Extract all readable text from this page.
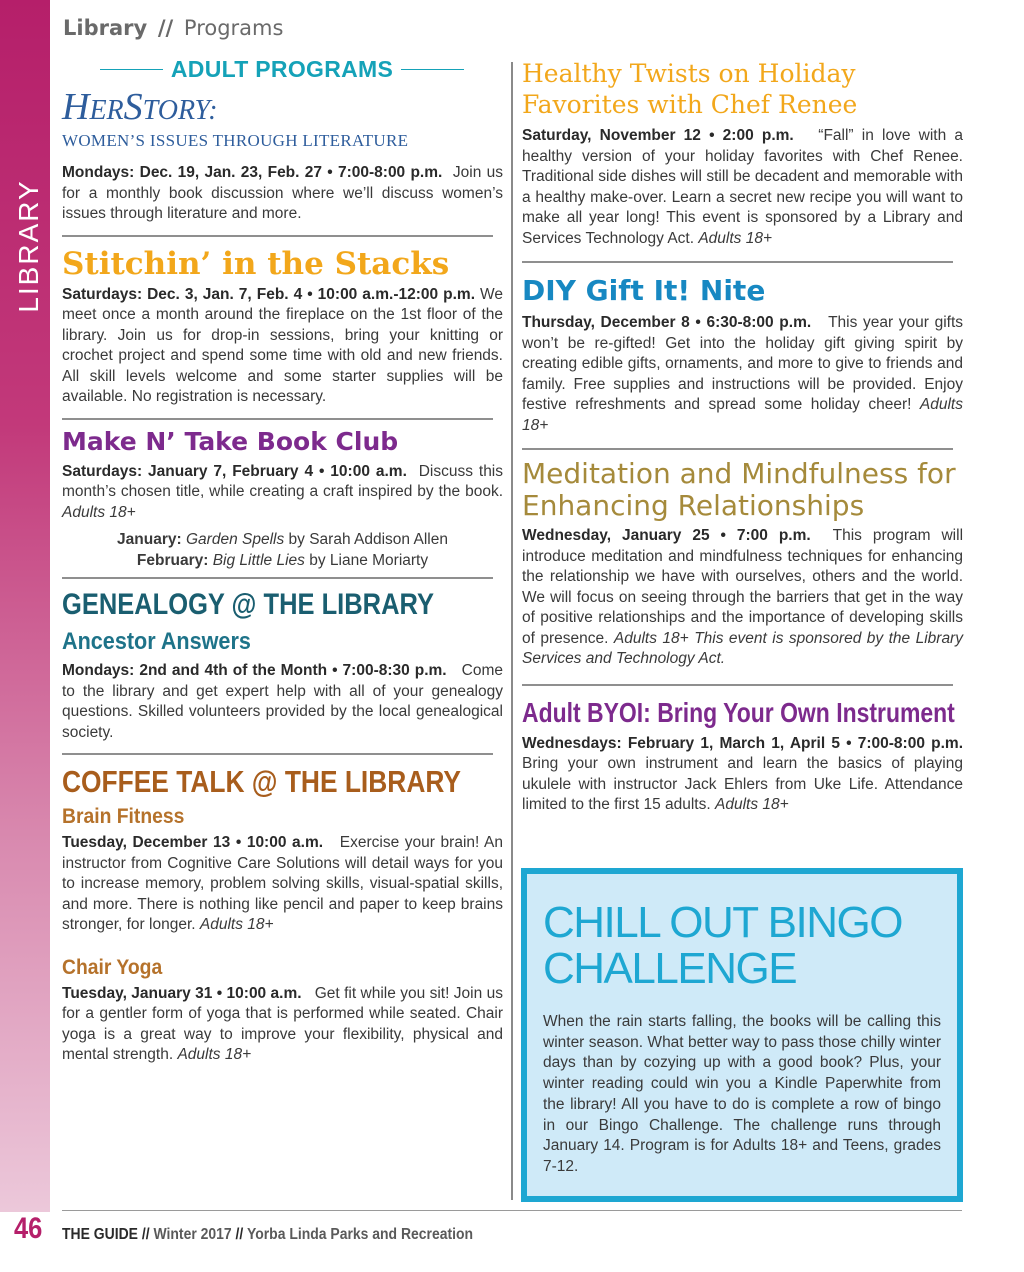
LIBRARY
Library // Programs
ADULT PROGRAMS
HERSTORY:
WOMEN’S ISSUES THROUGH LITERATURE

Mondays: Dec. 19, Jan. 23, Feb. 27 • 7:00-8:00 p.m. Join us for a monthly book discussion where we’ll discuss women’s issues through literature and more.

Stitchin’ in the Stacks

Saturdays: Dec. 3, Jan. 7, Feb. 4 • 10:00 a.m.-12:00 p.m. We meet once a month around the fireplace on the 1st floor of the library. Join us for drop-in sessions, bring your knitting or crochet project and spend some time with old and new friends. All skill levels welcome and some starter supplies will be available. No registration is necessary.

Make N’ Take Book Club

Saturdays: January 7, February 4 • 10:00 a.m. Discuss this month’s chosen title, while creating a craft inspired by the book. Adults 18+

January: Garden Spells by Sarah Addison Allen
February: Big Little Lies by Liane Moriarty
GENEALOGY @ THE LIBRARY
Ancestor Answers

Mondays: 2nd and 4th of the Month • 7:00-8:30 p.m. Come to the library and get expert help with all of your genealogy questions. Skilled volunteers provided by the local genealogical society.

COFFEE TALK @ THE LIBRARY
Brain Fitness

Tuesday, December 13 • 10:00 a.m. Exercise your brain! An instructor from Cognitive Care Solutions will detail ways for you to increase memory, problem solving skills, visual-spatial skills, and more. There is nothing like pencil and paper to keep brains stronger, for longer. Adults 18+

Chair Yoga

Tuesday, January 31 • 10:00 a.m. Get fit while you sit! Join us for a gentler form of yoga that is performed while seated. Chair yoga is a great way to improve your flexibility, physical and mental strength. Adults 18+

Healthy Twists on Holiday Favorites with Chef Renee

Saturday, November 12 • 2:00 p.m. “Fall” in love with a healthy version of your holiday favorites with Chef Renee. Traditional side dishes will still be decadent and memorable with a healthy make-over. Learn a secret new recipe you will want to make all year long! This event is sponsored by a Library and Services Technology Act. Adults 18+

DIY Gift It! Nite

Thursday, December 8 • 6:30-8:00 p.m. This year your gifts won’t be re-gifted! Get into the holiday gift giving spirit by creating edible gifts, ornaments, and more to give to friends and family. Free supplies and instructions will be provided. Enjoy festive refreshments and spread some holiday cheer! Adults 18+

Meditation and Mindfulness for Enhancing Relationships

Wednesday, January 25 • 7:00 p.m. This program will introduce meditation and mindfulness techniques for enhancing the relationship we have with ourselves, others and the world. We will focus on seeing through the barriers that get in the way of positive relationships and the importance of developing skills of presence. Adults 18+ This event is sponsored by the Library Services and Technology Act.

Adult BYOI: Bring Your Own Instrument

Wednesdays: February 1, March 1, April 5 • 7:00-8:00 p.m. Bring your own instrument and learn the basics of playing ukulele with instructor Jack Ehlers from Uke Life. Attendance limited to the first 15 adults. Adults 18+

CHILL OUT BINGO CHALLENGE

When the rain starts falling, the books will be calling this winter season. What better way to pass those chilly winter days than by cozying up with a good book? Plus, your winter reading could win you a Kindle Paperwhite from the library! All you have to do is complete a row of bingo in our Bingo Challenge. The challenge runs through January 14. Program is for Adults 18+ and Teens, grades 7-12.

46 THE GUIDE // Winter 2017 // Yorba Linda Parks and Recreation
